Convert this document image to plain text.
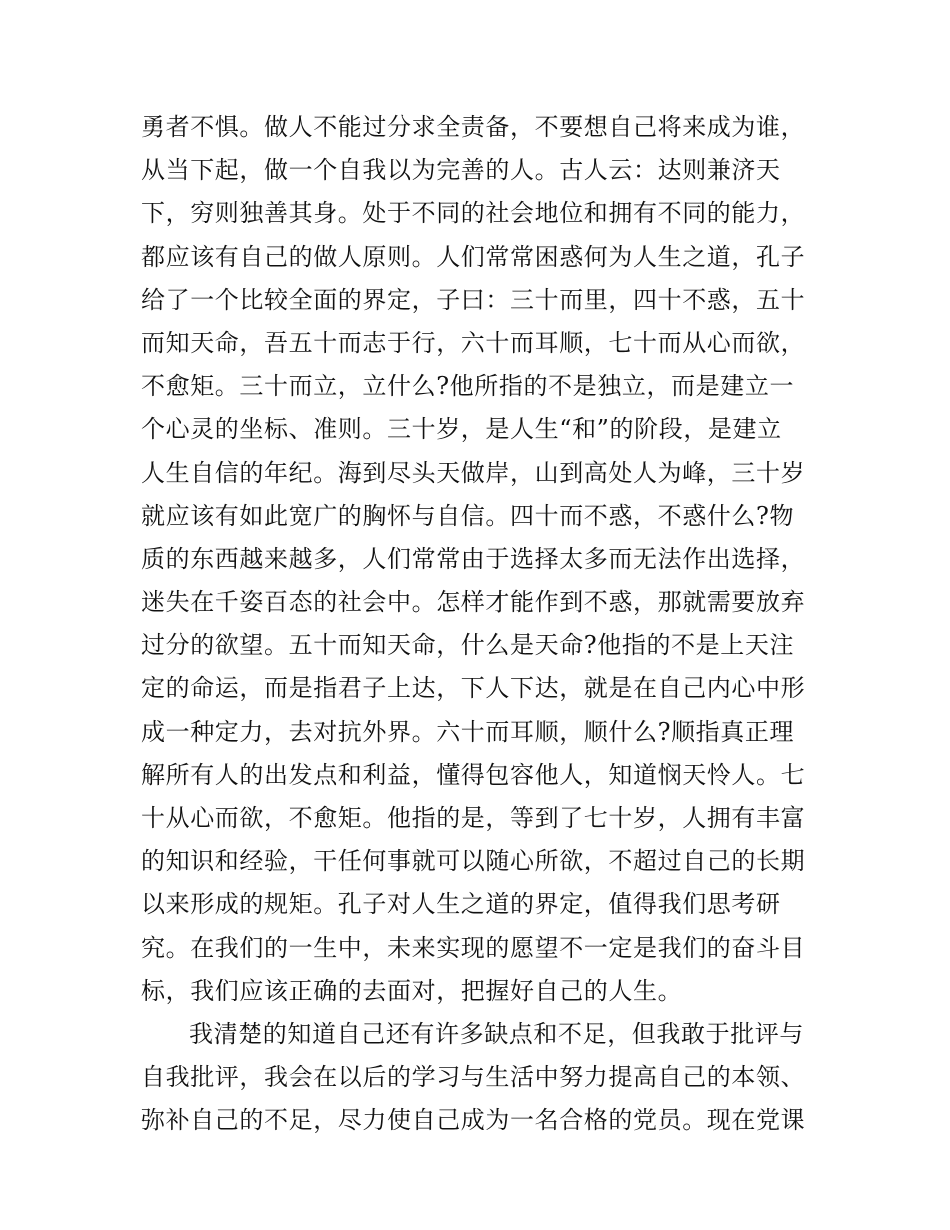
勇者不惧。做人不能过分求全责备，不要想自己将来成为谁，
从当下起，做一个自我以为完善的人。古人云：达则兼济天
下，穷则独善其身。处于不同的社会地位和拥有不同的能力，
都应该有自己的做人原则。人们常常困惑何为人生之道，孔子
给了一个比较全面的界定，子曰：三十而里，四十不惑，五十
而知天命，吾五十而志于行，六十而耳顺，七十而从心而欲，
不愈矩。三十而立，立什么?他所指的不是独立，而是建立一
个心灵的坐标、准则。三十岁，是人生“和”的阶段，是建立
人生自信的年纪。海到尽头天做岸，山到高处人为峰，三十岁
就应该有如此宽广的胸怀与自信。四十而不惑，不惑什么?物
质的东西越来越多，人们常常由于选择太多而无法作出选择，
迷失在千姿百态的社会中。怎样才能作到不惑，那就需要放弃
过分的欲望。五十而知天命，什么是天命?他指的不是上天注
定的命运，而是指君子上达，下人下达，就是在自己内心中形
成一种定力，去对抗外界。六十而耳顺，顺什么?顺指真正理
解所有人的出发点和利益，懂得包容他人，知道悯天怜人。七
十从心而欲，不愈矩。他指的是，等到了七十岁，人拥有丰富
的知识和经验，干任何事就可以随心所欲，不超过自己的长期
以来形成的规矩。孔子对人生之道的界定，值得我们思考研
究。在我们的一生中，未来实现的愿望不一定是我们的奋斗目
标，我们应该正确的去面对，把握好自己的人生。
我清楚的知道自己还有许多缺点和不足，但我敢于批评与
自我批评，我会在以后的学习与生活中努力提高自己的本领、
弥补自己的不足，尽力使自己成为一名合格的党员。现在党课
